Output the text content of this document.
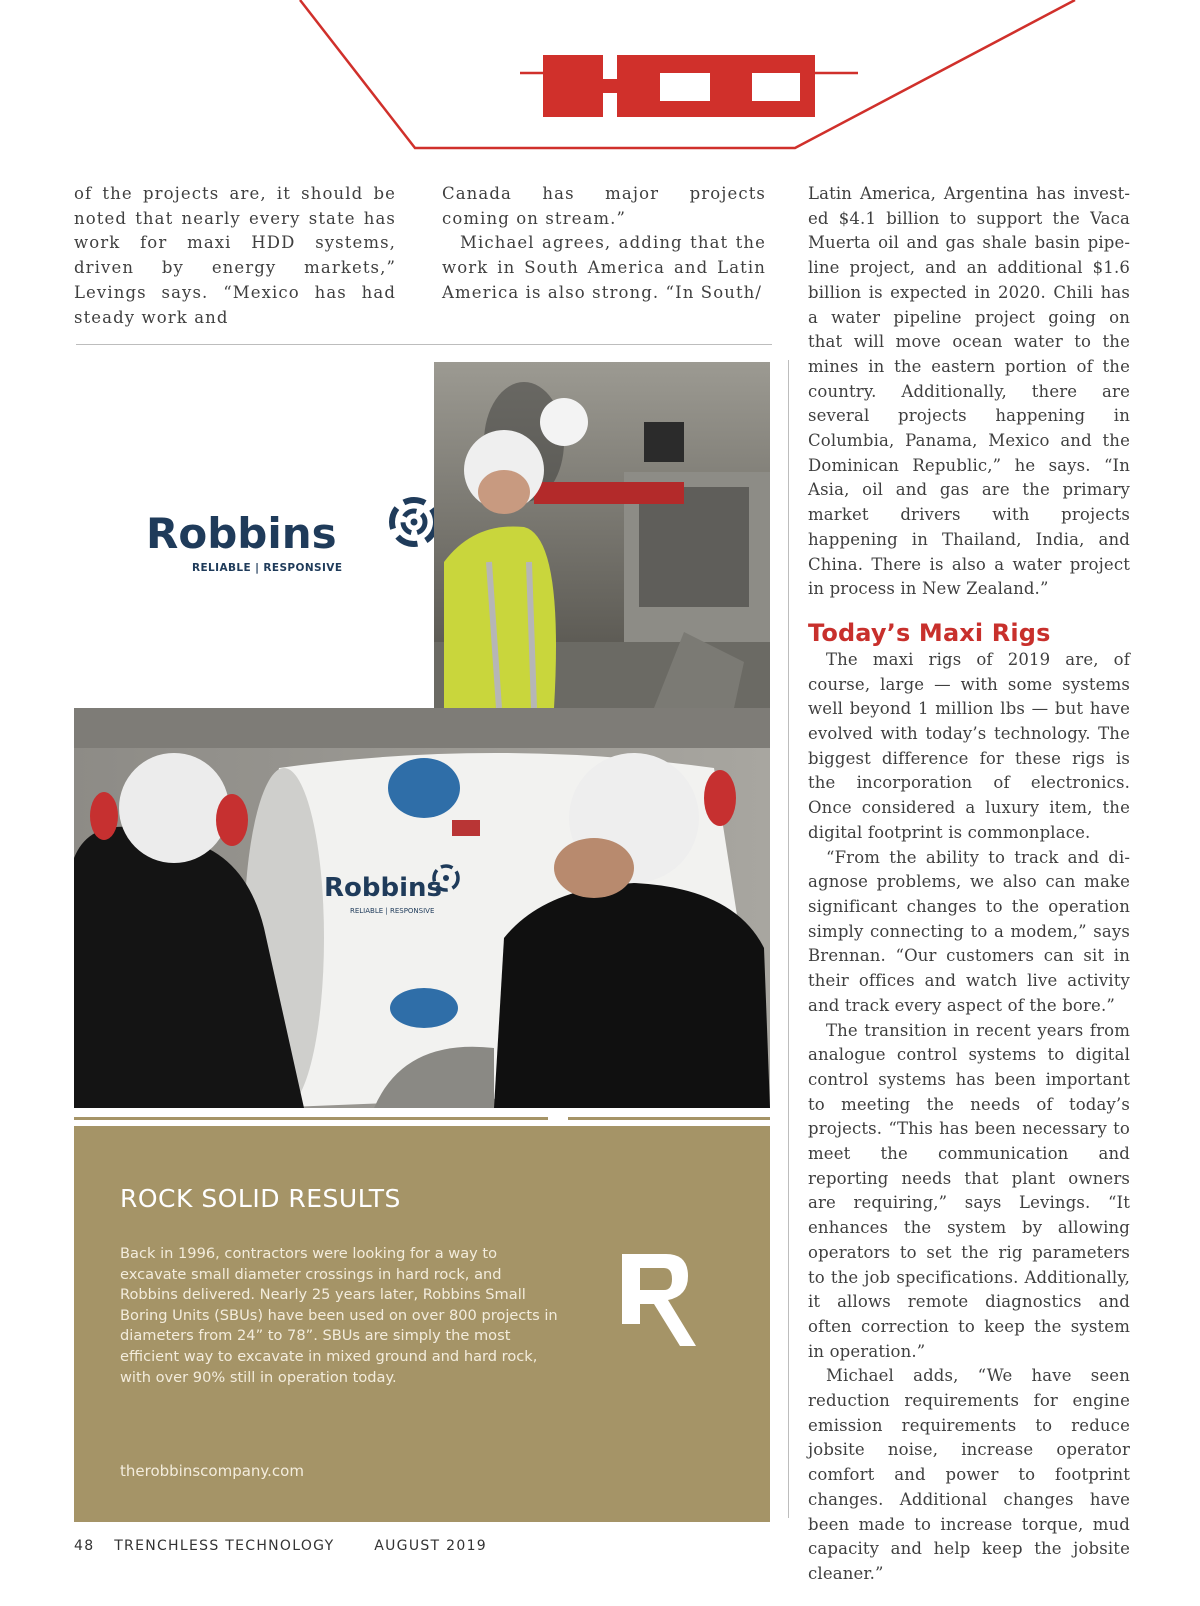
of the projects are, it should be noted that nearly every state has work for maxi HDD systems, driven by energy markets,” Levings says. “Mexico has had steady work and

Canada has major projects coming on stream.”

Michael agrees, adding that the work in South America and Latin America is also strong. “In South/

Latin America, Argentina has invested $4.1 billion to support the Vaca Muerta oil and gas shale basin pipeline project, and an additional $1.6 billion is expected in 2020. Chili has a water pipeline project going on that will move ocean water to the mines in the eastern portion of the country. Additionally, there are several projects happening in Columbia, Panama, Mexico and the Dominican Republic,” he says. “In Asia, oil and gas are the primary market drivers with projects happening in Thailand, India, and China. There is also a water project in process in New Zealand.”

Today’s Maxi Rigs

The maxi rigs of 2019 are, of course, large — with some systems well beyond 1 million lbs — but have evolved with today’s technology. The biggest difference for these rigs is the incorporation of electronics. Once considered a luxury item, the digital footprint is commonplace.

“From the ability to track and diagnose problems, we also can make significant changes to the operation simply connecting to a modem,” says Brennan. “Our customers can sit in their offices and watch live activity and track every aspect of the bore.”

The transition in recent years from analogue control systems to digital control systems has been important to meeting the needs of today’s projects. “This has been necessary to meet the communication and reporting needs that plant owners are requiring,” says Levings. “It enhances the system by allowing operators to set the rig parameters to the job specifications. Additionally, it allows remote diagnostics and often correction to keep the system in operation.”

Michael adds, “We have seen reduction requirements for engine emission requirements to reduce jobsite noise, increase operator comfort and power to footprint changes. Additional changes have been made to increase torque, mud capacity and help keep the jobsite cleaner.”

Robbins
RELIABLE | RESPONSIVE
Robbins
RELIABLE | RESPONSIVE
ROCK SOLID RESULTS

Back in 1996, contractors were looking for a way to excavate small diameter crossings in hard rock, and Robbins delivered. Nearly 25 years later, Robbins Small Boring Units (SBUs) have been used on over 800 projects in diameters from 24” to 78”. SBUs are simply the most efficient way to excavate in mixed ground and hard rock, with over 90% still in operation today.

therobbinscompany.com
48 TRENCHLESS TECHNOLOGY	AUGUST 2019
